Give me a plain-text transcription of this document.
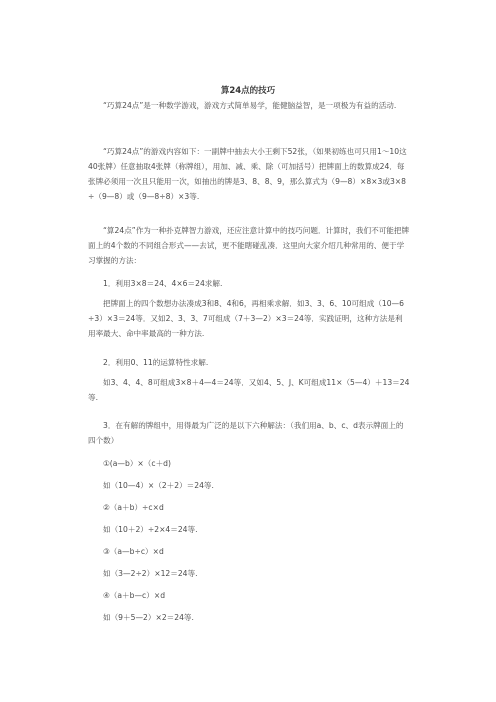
算24点的技巧

“巧算24点”是一种数学游戏，游戏方式简单易学，能健脑益智，是一项极为有益的活动.

“巧算24点”的游戏内容如下：一副牌中抽去大小王剩下52张，（如果初练也可只用1～10这40张牌）任意抽取4张牌（称牌组），用加、减、乘、除（可加括号）把牌面上的数算成24．每张牌必须用一次且只能用一次，如抽出的牌是3、8、8、9，那么算式为（9—8）×8×3或3×8÷（9—8）或（9—8÷8）×3等.

“算24点”作为一种扑克牌智力游戏，还应注意计算中的技巧问题．计算时，我们不可能把牌面上的4个数的不同组合形式——去试，更不能瞎碰乱凑．这里向大家介绍几种常用的、便于学习掌握的方法：

1．利用3×8＝24、4×6＝24求解.

把牌面上的四个数想办法凑成3和8、4和6，再相乘求解．如3、3、6、10可组成（10—6÷3）×3＝24等．又如2、3、3、7可组成（7＋3—2）×3＝24等．实践证明，这种方法是利用率最大、命中率最高的一种方法.

2．利用0、11的运算特性求解.

如3、4、4、8可组成3×8＋4—4＝24等．又如4、5、J、K可组成11×（5—4）＋13＝24等.

3．在有解的牌组中，用得最为广泛的是以下六种解法：（我们用a、b、c、d表示牌面上的四个数）

①(a—b）×（c＋d)
如（10—4）×（2＋2）＝24等.
②（a＋b）÷c×d
如（10＋2）÷2×4＝24等.
③（a—b÷c）×d
如（3—2÷2）×12＝24等.
④（a＋b—c）×d
如（9＋5—2）×2＝24等.
